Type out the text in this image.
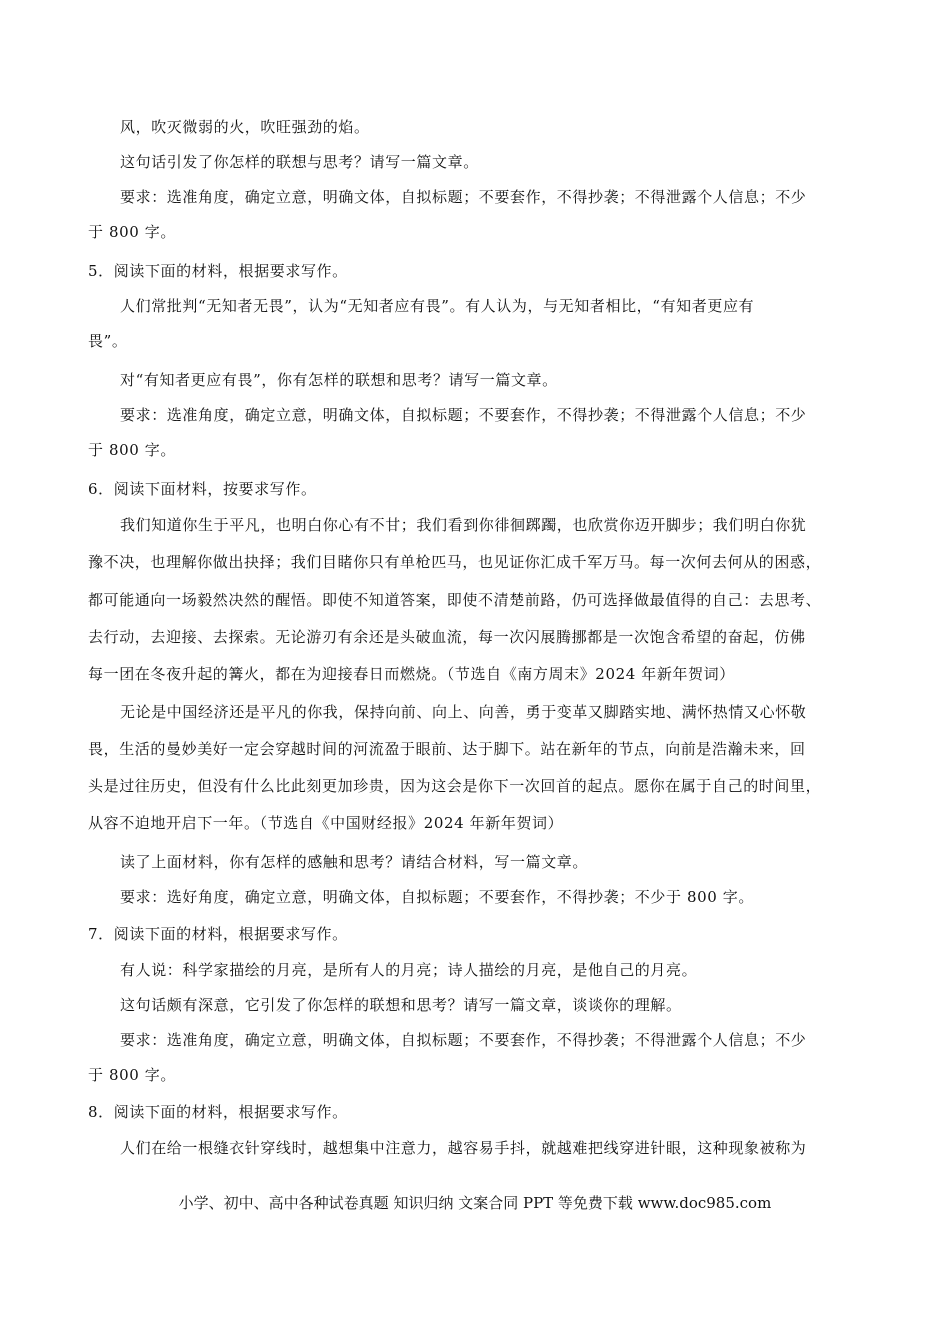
风，吹灭微弱的火，吹旺强劲的焰。
这句话引发了你怎样的联想与思考？请写一篇文章。
要求：选准角度，确定立意，明确文体，自拟标题；不要套作，不得抄袭；不得泄露个人信息；不少
于 800 字。
5．阅读下面的材料，根据要求写作。
人们常批判“无知者无畏”，认为“无知者应有畏”。有人认为，与无知者相比，“有知者更应有
畏”。
对“有知者更应有畏”，你有怎样的联想和思考？请写一篇文章。
要求：选准角度，确定立意，明确文体，自拟标题；不要套作，不得抄袭；不得泄露个人信息；不少
于 800 字。
6．阅读下面材料，按要求写作。
我们知道你生于平凡，也明白你心有不甘；我们看到你徘徊踯躅，也欣赏你迈开脚步；我们明白你犹
豫不决，也理解你做出抉择；我们目睹你只有单枪匹马，也见证你汇成千军万马。每一次何去何从的困惑，
都可能通向一场毅然决然的醒悟。即使不知道答案，即使不清楚前路，仍可选择做最值得的自己：去思考、
去行动，去迎接、去探索。无论游刃有余还是头破血流，每一次闪展腾挪都是一次饱含希望的奋起，仿佛
每一团在冬夜升起的篝火，都在为迎接春日而燃烧。（节选自《南方周末》2024 年新年贺词）
无论是中国经济还是平凡的你我，保持向前、向上、向善，勇于变革又脚踏实地、满怀热情又心怀敬
畏，生活的曼妙美好一定会穿越时间的河流盈于眼前、达于脚下。站在新年的节点，向前是浩瀚未来，回
头是过往历史，但没有什么比此刻更加珍贵，因为这会是你下一次回首的起点。愿你在属于自己的时间里，
从容不迫地开启下一年。（节选自《中国财经报》2024 年新年贺词）
读了上面材料，你有怎样的感触和思考？请结合材料，写一篇文章。
要求：选好角度，确定立意，明确文体，自拟标题；不要套作，不得抄袭；不少于 800 字。
7．阅读下面的材料，根据要求写作。
有人说：科学家描绘的月亮，是所有人的月亮；诗人描绘的月亮，是他自己的月亮。
这句话颇有深意，它引发了你怎样的联想和思考？请写一篇文章，谈谈你的理解。
要求：选准角度，确定立意，明确文体，自拟标题；不要套作，不得抄袭；不得泄露个人信息；不少
于 800 字。
8．阅读下面的材料，根据要求写作。
人们在给一根缝衣针穿线时，越想集中注意力，越容易手抖，就越难把线穿进针眼，这种现象被称为
小学、初中、高中各种试卷真题 知识归纳 文案合同 PPT 等免费下载 www.doc985.com
